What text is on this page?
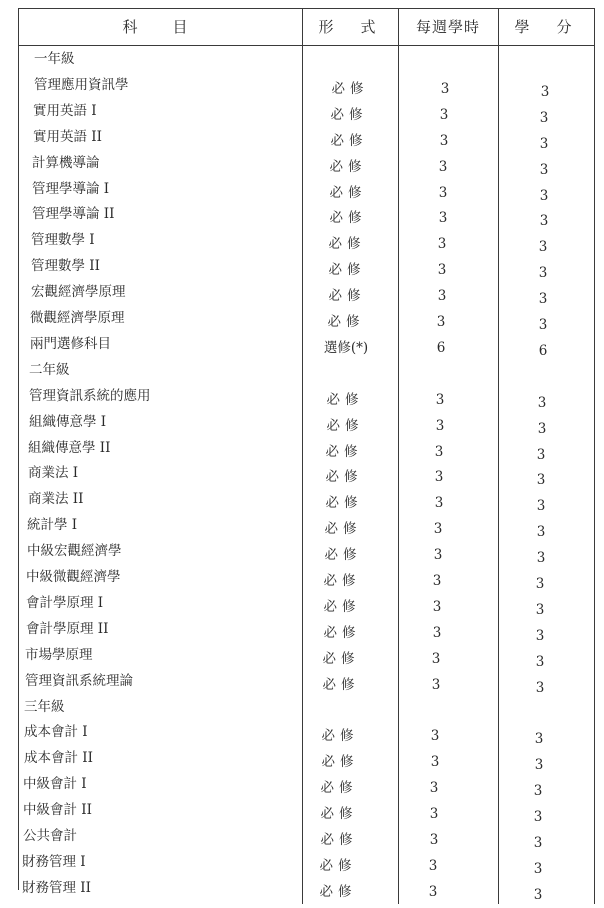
科　目	形　式	每週學時	學　分
一年級
管理應用資訊學	必修	3	3
實用英語 I	必修	3	3
實用英語 II	必修	3	3
計算機導論	必修	3	3
管理學導論 I	必修	3	3
管理學導論 II	必修	3	3
管理數學 I	必修	3	3
管理數學 II	必修	3	3
宏觀經濟學原理	必修	3	3
微觀經濟學原理	必修	3	3
兩門選修科目	選修(*)	6	6
二年級
管理資訊系統的應用	必修	3	3
組織傳意學 I	必修	3	3
組織傳意學 II	必修	3	3
商業法 I	必修	3	3
商業法 II	必修	3	3
統計學 I	必修	3	3
中級宏觀經濟學	必修	3	3
中級微觀經濟學	必修	3	3
會計學原理 I	必修	3	3
會計學原理 II	必修	3	3
市場學原理	必修	3	3
管理資訊系統理論	必修	3	3
三年級
成本會計 I	必修	3	3
成本會計 II	必修	3	3
中級會計 I	必修	3	3
中級會計 II	必修	3	3
公共會計	必修	3	3
財務管理 I	必修	3	3
財務管理 II	必修	3	3
